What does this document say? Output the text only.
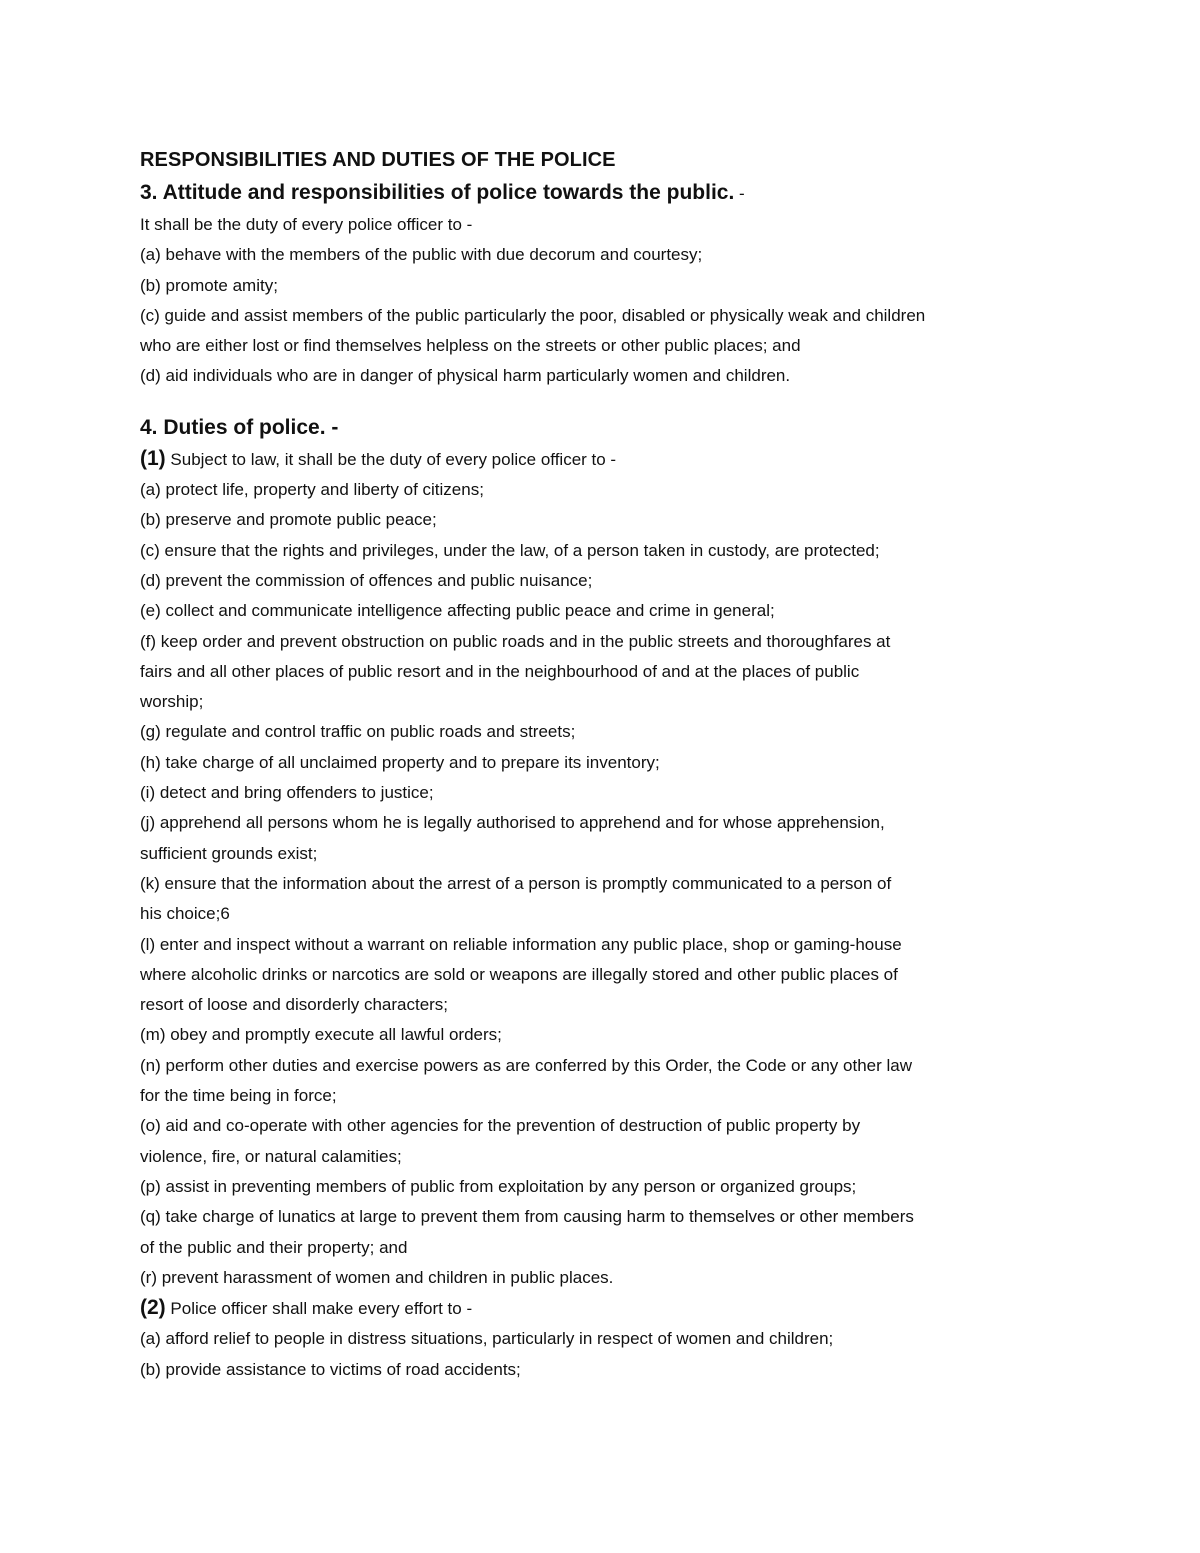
RESPONSIBILITIES AND DUTIES OF THE POLICE
3. Attitude and responsibilities of police towards the public. -

It shall be the duty of every police officer to -

(a) behave with the members of the public with due decorum and courtesy;

(b) promote amity;

(c) guide and assist members of the public particularly the poor, disabled or physically weak and children

who are either lost or find themselves helpless on the streets or other public places; and

(d) aid individuals who are in danger of physical harm particularly women and children.

4. Duties of police. -

(1) Subject to law, it shall be the duty of every police officer to -

(a) protect life, property and liberty of citizens;

(b) preserve and promote public peace;

(c) ensure that the rights and privileges, under the law, of a person taken in custody, are protected;

(d) prevent the commission of offences and public nuisance;

(e) collect and communicate intelligence affecting public peace and crime in general;

(f) keep order and prevent obstruction on public roads and in the public streets and thoroughfares at

fairs and all other places of public resort and in the neighbourhood of and at the places of public

worship;

(g) regulate and control traffic on public roads and streets;

(h) take charge of all unclaimed property and to prepare its inventory;

(i) detect and bring offenders to justice;

(j) apprehend all persons whom he is legally authorised to apprehend and for whose apprehension,

sufficient grounds exist;

(k) ensure that the information about the arrest of a person is promptly communicated to a person of

his choice;6

(l) enter and inspect without a warrant on reliable information any public place, shop or gaming-house

where alcoholic drinks or narcotics are sold or weapons are illegally stored and other public places of

resort of loose and disorderly characters;

(m) obey and promptly execute all lawful orders;

(n) perform other duties and exercise powers as are conferred by this Order, the Code or any other law

for the time being in force;

(o) aid and co-operate with other agencies for the prevention of destruction of public property by

violence, fire, or natural calamities;

(p) assist in preventing members of public from exploitation by any person or organized groups;

(q) take charge of lunatics at large to prevent them from causing harm to themselves or other members

of the public and their property; and

(r) prevent harassment of women and children in public places.

(2) Police officer shall make every effort to -

(a) afford relief to people in distress situations, particularly in respect of women and children;

(b) provide assistance to victims of road accidents;
